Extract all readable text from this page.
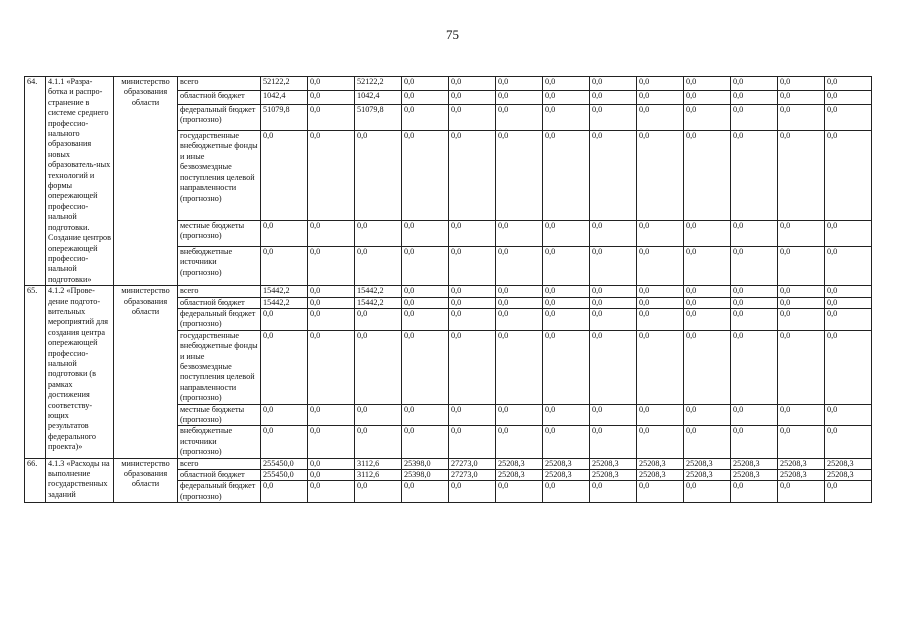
75
64.	4.1.1 «Разра-ботка и распро-странение в системе среднего профессио-нального образования новых образователь-ных технологий и формы опережающей профессио-нальной подготовки. Создание центров опережающей профессио-нальной подготовки»	министерство образования области	всего	52122,2	0,0	52122,2	0,0	0,0	0,0	0,0	0,0	0,0	0,0	0,0	0,0	0,0
			областной бюджет	1042,4	0,0	1042,4	0,0	0,0	0,0	0,0	0,0	0,0	0,0	0,0	0,0	0,0
			федеральный бюджет (прогнозно)	51079,8	0,0	51079,8	0,0	0,0	0,0	0,0	0,0	0,0	0,0	0,0	0,0	0,0
			государственные внебюджетные фонды и иные безвозмездные поступления целевой направленности (прогнозно)	0,0	0,0	0,0	0,0	0,0	0,0	0,0	0,0	0,0	0,0	0,0	0,0	0,0
			местные бюджеты (прогнозно)	0,0	0,0	0,0	0,0	0,0	0,0	0,0	0,0	0,0	0,0	0,0	0,0	0,0
			внебюджетные источники (прогнозно)	0,0	0,0	0,0	0,0	0,0	0,0	0,0	0,0	0,0	0,0	0,0	0,0	0,0
65.	4.1.2 «Прове-дение подгото-вительных мероприятий для создания центра опережающей профессио-нальной подготовки (в рамках достижения соответству-ющих результатов федерального проекта)»	министерство образования области	всего	15442,2	0,0	15442,2	0,0	0,0	0,0	0,0	0,0	0,0	0,0	0,0	0,0	0,0
			областной бюджет	15442,2	0,0	15442,2	0,0	0,0	0,0	0,0	0,0	0,0	0,0	0,0	0,0	0,0
			федеральный бюджет (прогнозно)	0,0	0,0	0,0	0,0	0,0	0,0	0,0	0,0	0,0	0,0	0,0	0,0	0,0
			государственные внебюджетные фонды и иные безвозмездные поступления целевой направленности (прогнозно)	0,0	0,0	0,0	0,0	0,0	0,0	0,0	0,0	0,0	0,0	0,0	0,0	0,0
			местные бюджеты (прогнозно)	0,0	0,0	0,0	0,0	0,0	0,0	0,0	0,0	0,0	0,0	0,0	0,0	0,0
			внебюджетные источники (прогнозно)	0,0	0,0	0,0	0,0	0,0	0,0	0,0	0,0	0,0	0,0	0,0	0,0	0,0
66.	4.1.3 «Расходы на выполнение государственных заданий	министерство образования области	всего	255450,0	0,0	3112,6	25398,0	27273,0	25208,3	25208,3	25208,3	25208,3	25208,3	25208,3	25208,3	25208,3
			областной бюджет	255450,0	0,0	3112,6	25398,0	27273,0	25208,3	25208,3	25208,3	25208,3	25208,3	25208,3	25208,3	25208,3
			федеральный бюджет (прогнозно)	0,0	0,0	0,0	0,0	0,0	0,0	0,0	0,0	0,0	0,0	0,0	0,0	0,0
